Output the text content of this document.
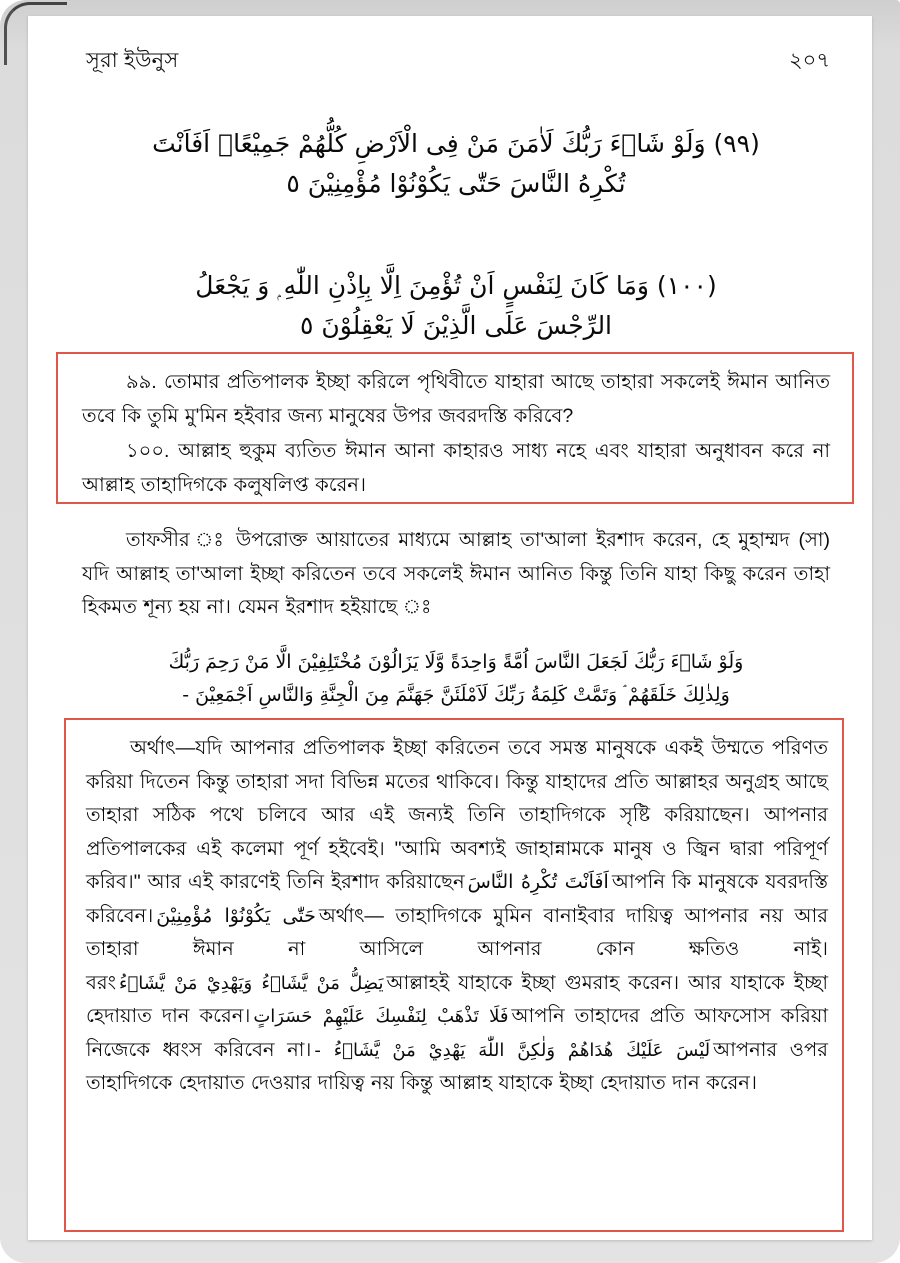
সূরা ইউনুস	২০৭
(٩٩) وَلَوْ شَاۤءَ رَبُّكَ لَاٰمَنَ مَنْ فِى الْاَرْضِ كُلُّهُمْ جَمِيْعًاۚ اَفَاَنْتَ
تُكْرِهُ النَّاسَ حَتّٰى يَكُوْنُوْا مُؤْمِنِيْنَ ٥
(١٠٠) وَمَا كَانَ لِنَفْسٍ اَنْ تُؤْمِنَ اِلَّا بِاِذْنِ اللّٰهِ ۭ وَ يَجْعَلُ
الرِّجْسَ عَلَى الَّذِيْنَ لَا يَعْقِلُوْنَ ٥

৯৯. তোমার প্রতিপালক ইচ্ছা করিলে পৃথিবীতে যাহারা আছে তাহারা সকলেই ঈমান আনিত তবে কি তুমি মু'মিন হইবার জন্য মানুষের উপর জবরদস্তি করিবে?

১০০. আল্লাহ হুকুম ব্যতিত ঈমান আনা কাহারও সাধ্য নহে এবং যাহারা অনুধাবন করে না আল্লাহ তাহাদিগকে কলুষলিপ্ত করেন।

তাফসীর ঃ উপরোক্ত আয়াতের মাধ্যমে আল্লাহ তা'আলা ইরশাদ করেন, হে মুহাম্মদ (সা) যদি আল্লাহ তা'আলা ইচ্ছা করিতেন তবে সকলেই ঈমান আনিত কিন্তু তিনি যাহা কিছু করেন তাহা হিকমত শূন্য হয় না। যেমন ইরশাদ হইয়াছে ঃ

وَلَوْ شَاۤءَ رَبُّكَ لَجَعَلَ النَّاسَ اُمَّةً وَاحِدَةً وَّلَا يَزَالُوْنَ مُخْتَلِفِيْنَ الَّا مَنْ رَحِمَ رَبُّكَ
وَلِذٰلِكَ خَلَقَهُمْ ۘ وَتَمَّتْ كَلِمَةُ رَبِّكَ لَاَمْلَئَنَّ جَهَنَّمَ مِنَ الْجِنَّةِ وَالنَّاسِ اَجْمَعِيْنَ -

অর্থাৎ—যদি আপনার প্রতিপালক ইচ্ছা করিতেন তবে সমস্ত মানুষকে একই উম্মতে পরিণত করিয়া দিতেন কিন্তু তাহারা সদা বিভিন্ন মতের থাকিবে। কিন্তু যাহাদের প্রতি আল্লাহর অনুগ্রহ আছে তাহারা সঠিক পথে চলিবে আর এই জন্যই তিনি তাহাদিগকে সৃষ্টি করিয়াছেন। আপনার প্রতিপালকের এই কলেমা পূর্ণ হইবেই। "আমি অবশ্যই জাহান্নামকে মানুষ ও জ্বিন দ্বারা পরিপূর্ণ করিব।" আর এই কারণেই তিনি ইরশাদ করিয়াছেন اَفَاَنْتَ تُكْرِهُ النَّاسَ আপনি কি মানুষকে যবরদস্তি করিবেন। حَتّٰى يَكُوْنُوْا مُؤْمِنِيْنَ অর্থাৎ— তাহাদিগকে মুমিন বানাইবার দায়িত্ব আপনার নয় আর তাহারা ঈমান না আসিলে আপনার কোন ক্ষতিও নাই। বরং يَضِلُّ مَنْ يَّشَاۤءُ وَيَهْدِيْ مَنْ يَّشَاۤءُ আল্লাহই যাহাকে ইচ্ছা গুমরাহ করেন। আর যাহাকে ইচ্ছা হেদায়াত দান করেন। فَلَا تَذْهَبْ لِنَفْسِكَ عَلَيْهِمْ حَسَرَاتٍ আপনি তাহাদের প্রতি আফসোস করিয়া নিজেকে ধ্বংস করিবেন না। لَيْسَ عَلَيْكَ هُدَاهُمْ وَلٰكِنَّ اللّٰهَ يَهْدِيْ مَنْ يَّشَاۤءُ - আপনার ওপর তাহাদিগকে হেদায়াত দেওয়ার দায়িত্ব নয় কিন্তু আল্লাহ যাহাকে ইচ্ছা হেদায়াত দান করেন।
